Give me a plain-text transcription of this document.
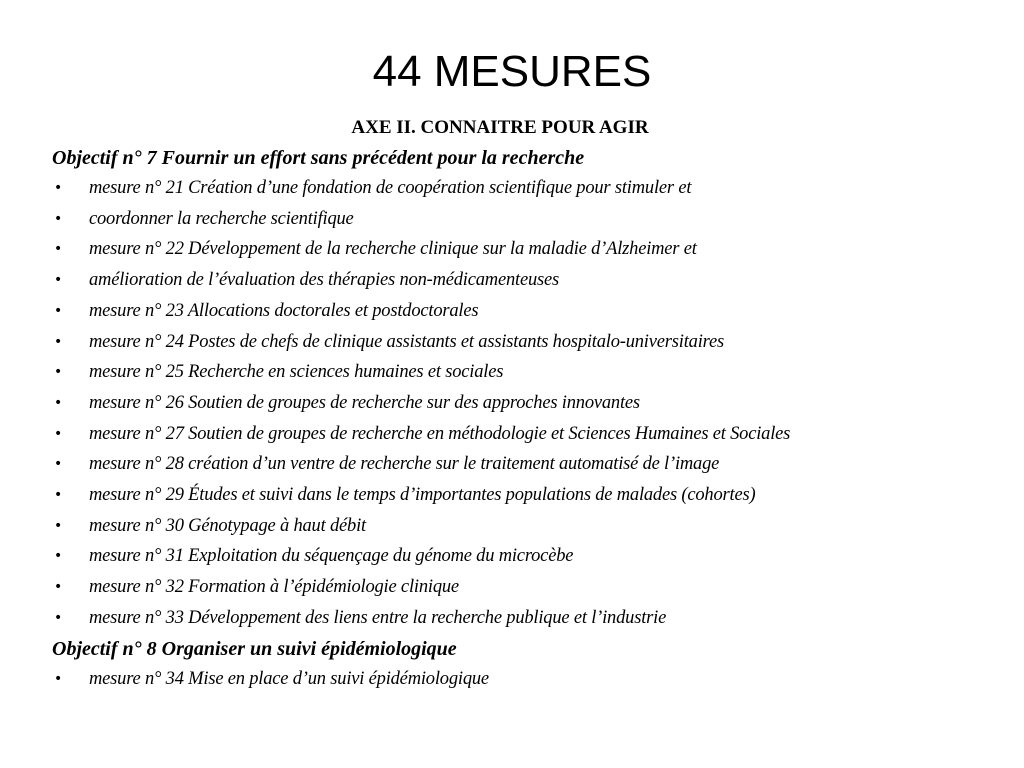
44 MESURES

AXE II. CONNAITRE POUR AGIR

Objectif n° 7 Fournir un effort sans précédent pour la recherche

• mesure n° 21 Création d’une fondation de coopération scientifique pour stimuler et
• coordonner la recherche scientifique
• mesure n° 22 Développement de la recherche clinique sur la maladie d’Alzheimer et
• amélioration de l’évaluation des thérapies non-médicamenteuses
• mesure n° 23 Allocations doctorales et postdoctorales
• mesure n° 24 Postes de chefs de clinique assistants et assistants hospitalo-universitaires
• mesure n° 25 Recherche en sciences humaines et sociales
• mesure n° 26 Soutien de groupes de recherche sur des approches innovantes
• mesure n° 27 Soutien de groupes de recherche en méthodologie et Sciences Humaines et Sociales
• mesure n° 28 création d’un ventre de recherche sur le traitement automatisé de l’image
• mesure n° 29 Études et suivi dans le temps d’importantes populations de malades (cohortes)
• mesure n° 30 Génotypage à haut débit
• mesure n° 31 Exploitation du séquençage du génome du microcèbe
• mesure n° 32 Formation à l’épidémiologie clinique
• mesure n° 33 Développement des liens entre la recherche publique et l’industrie

Objectif n° 8 Organiser un suivi épidémiologique

• mesure n° 34 Mise en place d’un suivi épidémiologique
